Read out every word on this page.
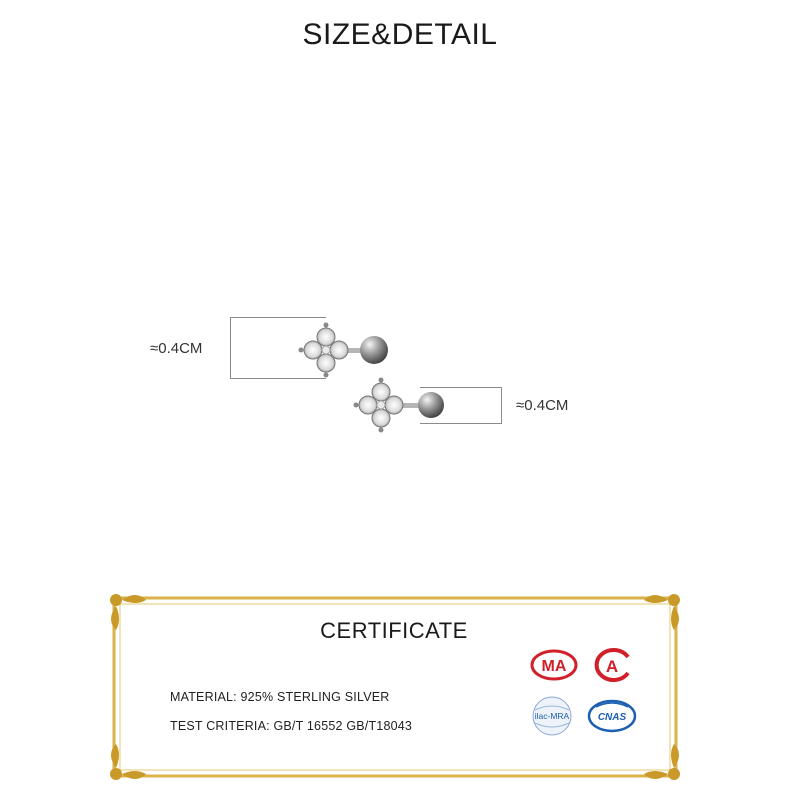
SIZE&DETAIL
≈0.4CM
≈0.4CM
CERTIFICATE
MATERIAL: 925% STERLING SILVER
TEST CRITERIA: GB/T 16552 GB/T18043
MA A
ilac-MRA	CNAS
